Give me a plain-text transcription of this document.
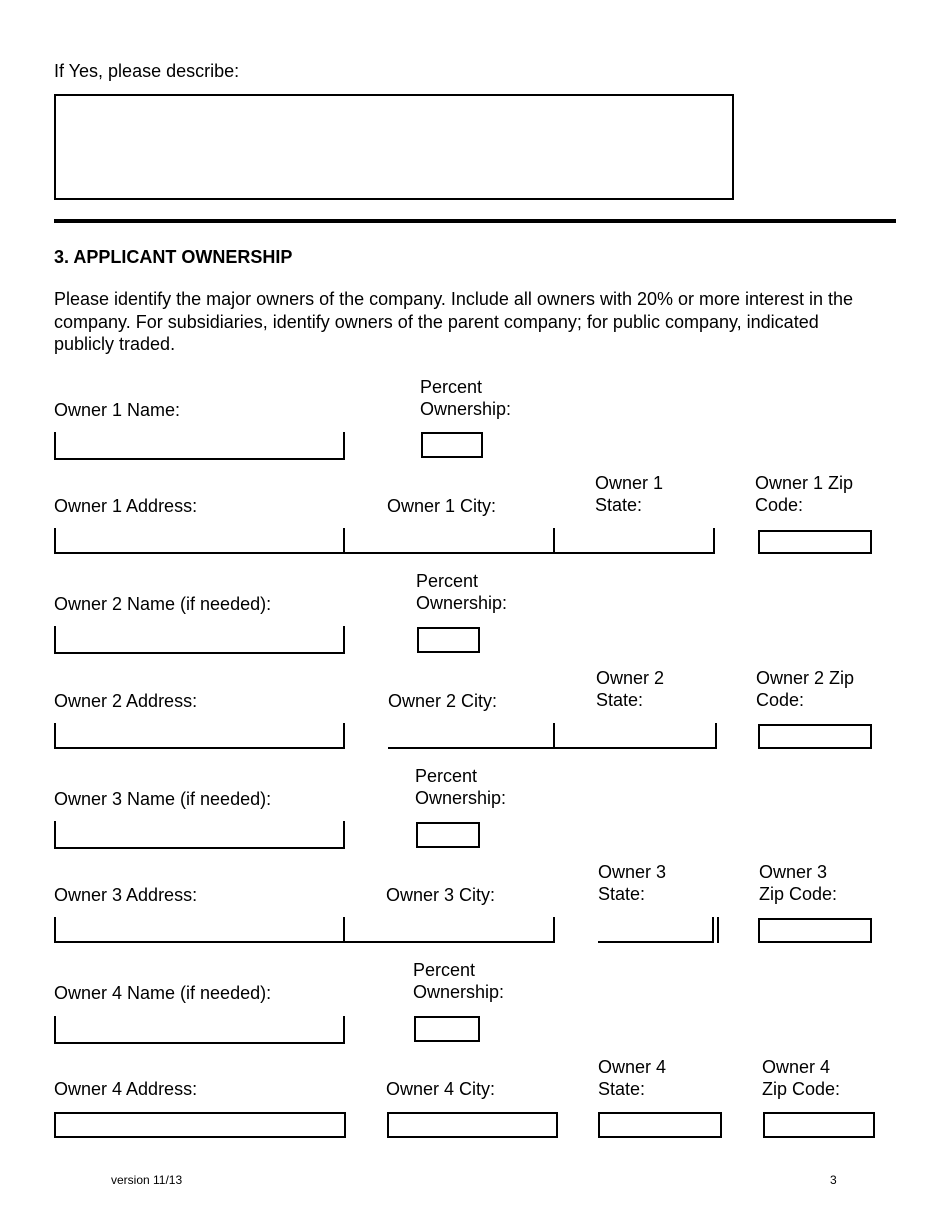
If Yes, please describe:
3. APPLICANT OWNERSHIP
Please identify the major owners of the company. Include all owners with 20% or more interest in the company. For subsidiaries, identify owners of the parent company; for public company, indicated publicly traded.
Owner 1 Name:
Percent
Ownership:
Owner 1 Address:	Owner 1 City:
Owner 1
State:
Owner 1 Zip
Code:
Owner 2 Name (if needed):
Percent
Ownership:
Owner 2 Address:	Owner 2 City:
Owner 2
State:
Owner 2 Zip
Code:
Owner 3 Name (if needed):
Percent
Ownership:
Owner 3 Address:	Owner 3 City:
Owner 3
State:
Owner 3
Zip Code:
Owner 4 Name (if needed):
Percent
Ownership:
Owner 4 Address:	Owner 4 City:
Owner 4
State:
Owner 4
Zip Code:
version 11/13	3
